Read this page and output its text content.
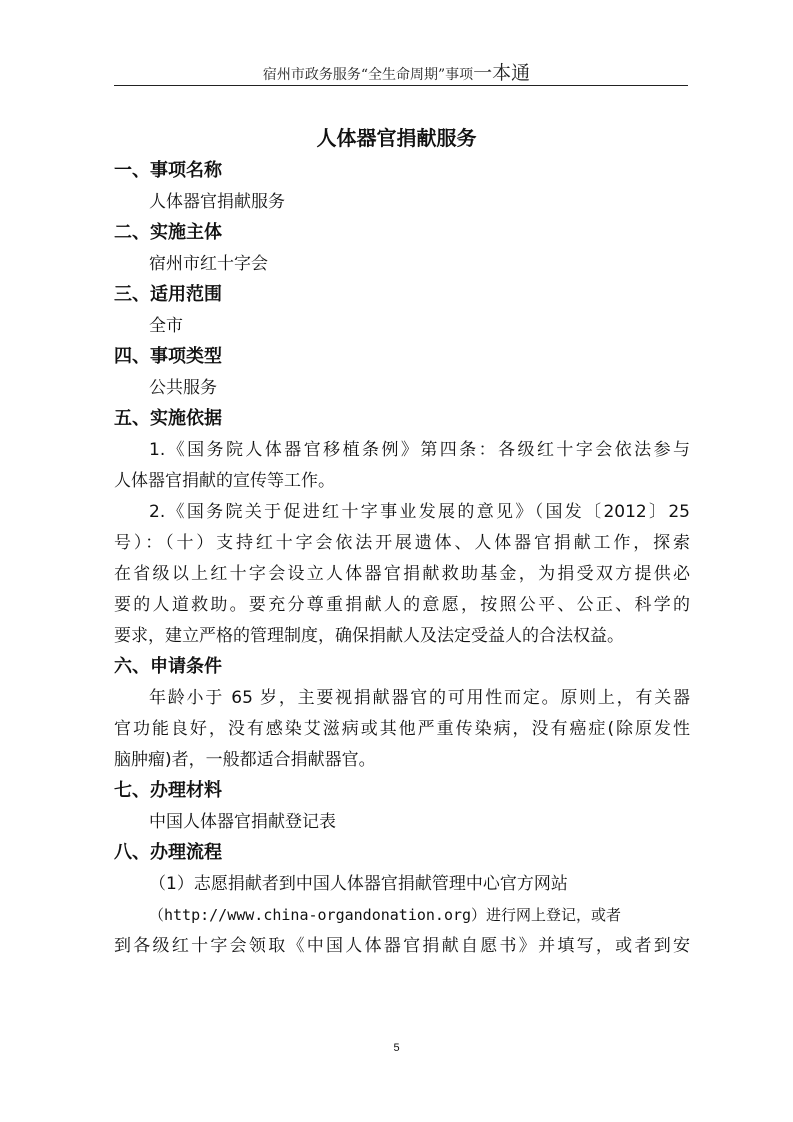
宿州市政务服务“全生命周期”事项一本通
人体器官捐献服务
一、事项名称
人体器官捐献服务
二、实施主体
宿州市红十字会
三、适用范围
全市
四、事项类型
公共服务
五、实施依据
1.《国务院人体器官移植条例》第四条：各级红十字会依法参与
人体器官捐献的宣传等工作。
2.《国务院关于促进红十字事业发展的意见》（国发〔2012〕25
号）：（十）支持红十字会依法开展遗体、人体器官捐献工作，探索
在省级以上红十字会设立人体器官捐献救助基金，为捐受双方提供必
要的人道救助。要充分尊重捐献人的意愿，按照公平、公正、科学的
要求，建立严格的管理制度，确保捐献人及法定受益人的合法权益。
六、申请条件
年龄小于 65 岁，主要视捐献器官的可用性而定。原则上，有关器
官功能良好，没有感染艾滋病或其他严重传染病，没有癌症(除原发性
脑肿瘤)者，一般都适合捐献器官。
七、办理材料
中国人体器官捐献登记表
八、办理流程
（1）志愿捐献者到中国人体器官捐献管理中心官方网站
（http://www.china-organdonation.org）进行网上登记，或者
到各级红十字会领取《中国人体器官捐献自愿书》并填写，或者到安
5
